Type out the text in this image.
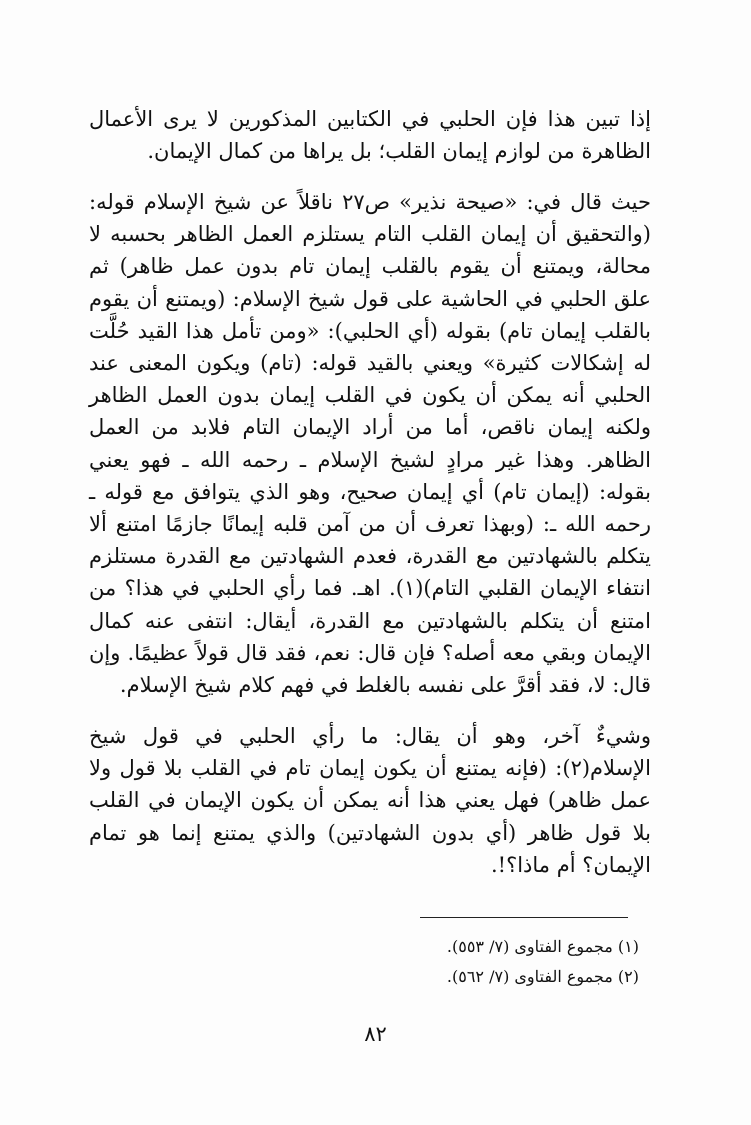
إذا تبين هذا فإن الحلبي في الكتابين المذكورين لا يرى الأعمال الظاهرة من لوازم إيمان القلب؛ بل يراها من كمال الإيمان.

حيث قال في: «صيحة نذير» ص٢٧ ناقلاً عن شيخ الإسلام قوله: (والتحقيق أن إيمان القلب التام يستلزم العمل الظاهر بحسبه لا محالة، ويمتنع أن يقوم بالقلب إيمان تام بدون عمل ظاهر) ثم علق الحلبي في الحاشية على قول شيخ الإسلام: (ويمتنع أن يقوم بالقلب إيمان تام) بقوله (أي الحلبي): «ومن تأمل هذا القيد حُلَّت له إشكالات كثيرة» ويعني بالقيد قوله: (تام) ويكون المعنى عند الحلبي أنه يمكن أن يكون في القلب إيمان بدون العمل الظاهر ولكنه إيمان ناقص، أما من أراد الإيمان التام فلابد من العمل الظاهر. وهذا غير مرادٍ لشيخ الإسلام ـ رحمه الله ـ فهو يعني بقوله: (إيمان تام) أي إيمان صحيح، وهو الذي يتوافق مع قوله ـ رحمه الله ـ: (وبهذا تعرف أن من آمن قلبه إيمانًا جازمًا امتنع ألا يتكلم بالشهادتين مع القدرة، فعدم الشهادتين مع القدرة مستلزم انتفاء الإيمان القلبي التام)(١). اهـ. فما رأي الحلبي في هذا؟ من امتنع أن يتكلم بالشهادتين مع القدرة، أيقال: انتفى عنه كمال الإيمان وبقي معه أصله؟ فإن قال: نعم، فقد قال قولاً عظيمًا. وإن قال: لا، فقد أقرَّ على نفسه بالغلط في فهم كلام شيخ الإسلام.

وشيءٌ آخر، وهو أن يقال: ما رأي الحلبي في قول شيخ الإسلام(٢): (فإنه يمتنع أن يكون إيمان تام في القلب بلا قول ولا عمل ظاهر) فهل يعني هذا أنه يمكن أن يكون الإيمان في القلب بلا قول ظاهر (أي بدون الشهادتين) والذي يمتنع إنما هو تمام الإيمان؟ أم ماذا؟!.

(١) مجموع الفتاوى (٧/ ٥٥٣).

(٢) مجموع الفتاوى (٧/ ٥٦٢).

٨٢
